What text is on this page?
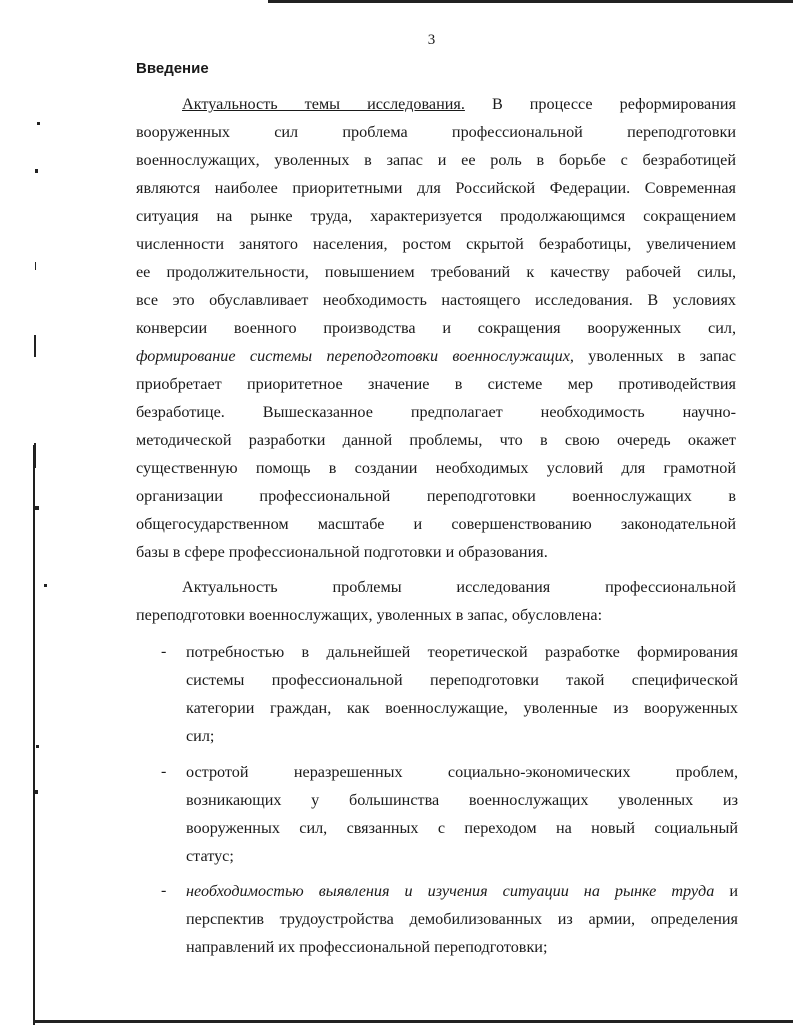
3
Введение
Актуальность темы исследования. В процессе реформирования
вооруженных сил проблема профессиональной переподготовки
военнослужащих, уволенных в запас и ее роль в борьбе с безработицей
являются наиболее приоритетными для Российской Федерации. Современная
ситуация на рынке труда, характеризуется продолжающимся сокращением
численности занятого населения, ростом скрытой безработицы, увеличением
ее продолжительности, повышением требований к качеству рабочей силы,
все это обуславливает необходимость настоящего исследования. В условиях
конверсии военного производства и сокращения вооруженных сил,
формирование системы переподготовки военнослужащих, уволенных в запас
приобретает приоритетное значение в системе мер противодействия
безработице. Вышесказанное предполагает необходимость научно-
методической разработки данной проблемы, что в свою очередь окажет
существенную помощь в создании необходимых условий для грамотной
организации профессиональной переподготовки военнослужащих в
общегосударственном масштабе и совершенствованию законодательной
базы в сфере профессиональной подготовки и образования.
Актуальность проблемы исследования профессиональной
переподготовки военнослужащих, уволенных в запас, обусловлена:
- потребностью в дальнейшей теоретической разработке формирования
системы профессиональной переподготовки такой специфической
категории граждан, как военнослужащие, уволенные из вооруженных
сил;
- остротой неразрешенных социально-экономических проблем,
возникающих у большинства военнослужащих уволенных из
вооруженных сил, связанных с переходом на новый социальный
статус;
- необходимостью выявления и изучения ситуации на рынке труда и
перспектив трудоустройства демобилизованных из армии, определения
направлений их профессиональной переподготовки;
